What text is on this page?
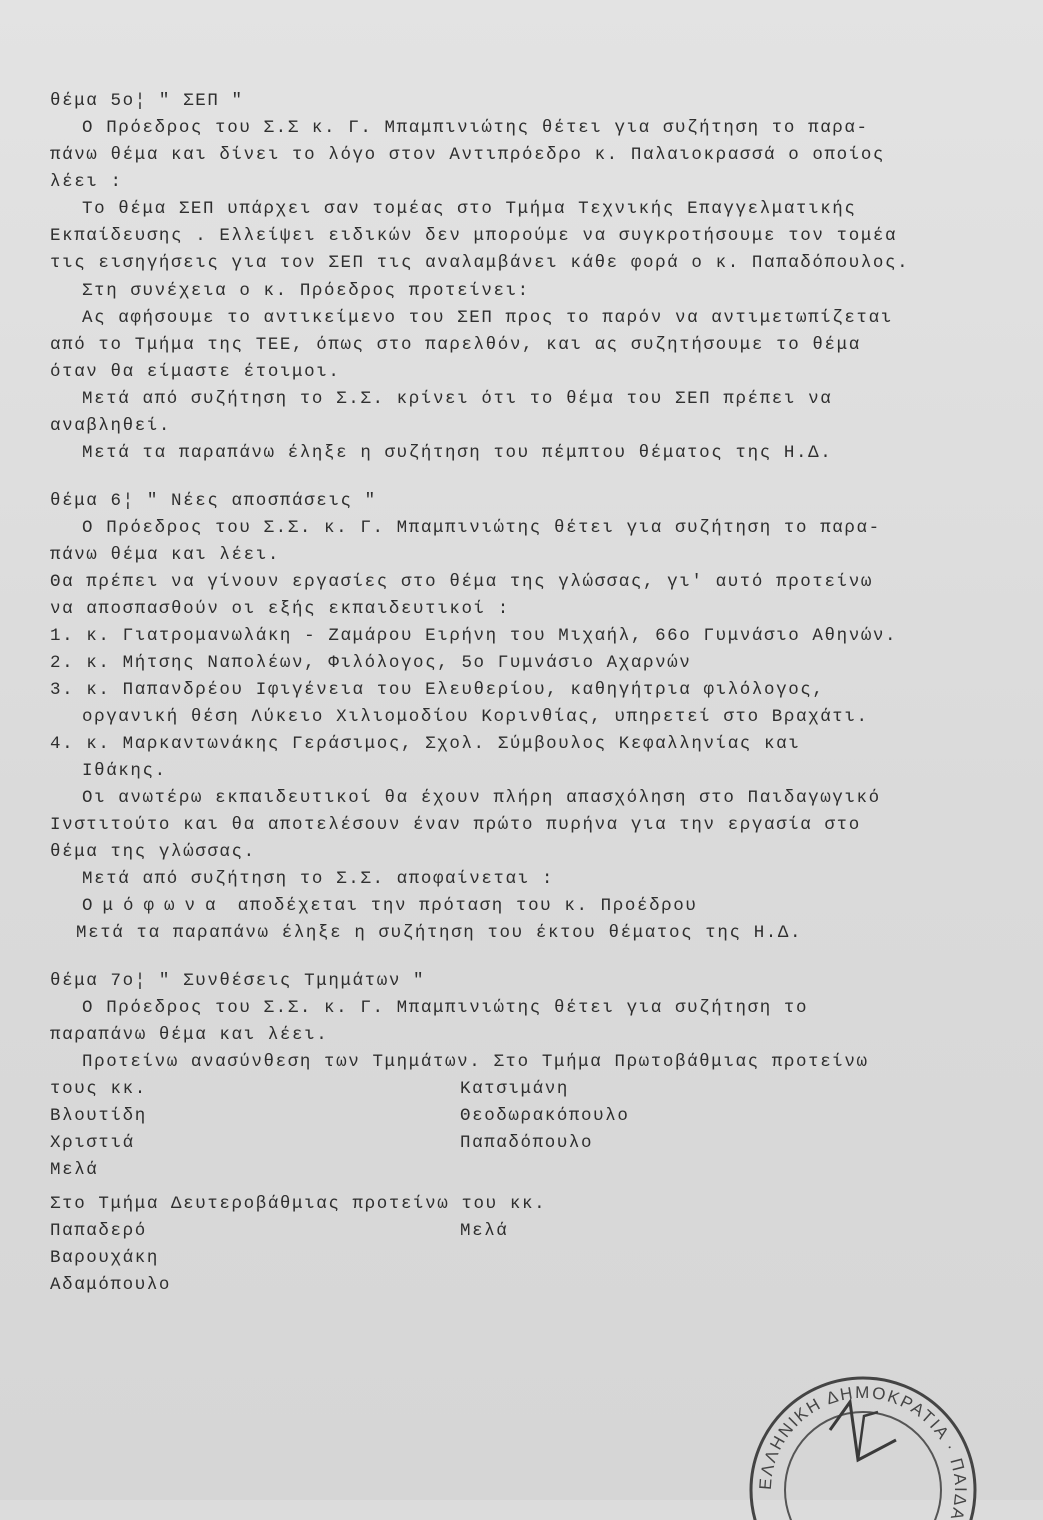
θέμα 5ο¦ " ΣΕΠ "
Ο Πρόεδρος του Σ.Σ κ. Γ. Μπαμπινιώτης θέτει για συζήτηση το παρα-
πάνω θέμα και δίνει το λόγο στον Αντιπρόεδρο κ. Παλαιοκρασσά ο οποίος
λέει :
Το θέμα ΣΕΠ υπάρχει σαν τομέας στο Τμήμα Τεχνικής Επαγγελματικής
Εκπαίδευσης . Ελλείψει ειδικών δεν μπορούμε να συγκροτήσουμε τον τομέα
τις εισηγήσεις για τον ΣΕΠ τις αναλαμβάνει κάθε φορά ο κ. Παπαδόπουλος.
Στη συνέχεια ο κ. Πρόεδρος προτείνει:
Ας αφήσουμε το αντικείμενο του ΣΕΠ προς το παρόν να αντιμετωπίζεται
από το Τμήμα της ΤΕΕ, όπως στο παρελθόν, και ας συζητήσουμε το θέμα
όταν θα είμαστε έτοιμοι.
Μετά από συζήτηση το Σ.Σ. κρίνει ότι το θέμα του ΣΕΠ πρέπει να
αναβληθεί.
Μετά τα παραπάνω έληξε η συζήτηση του πέμπτου θέματος της Η.Δ.
θέμα 6¦ " Νέες αποσπάσεις "
Ο Πρόεδρος του Σ.Σ. κ. Γ. Μπαμπινιώτης θέτει για συζήτηση το παρα-
πάνω θέμα και λέει.
Θα πρέπει να γίνουν εργασίες στο θέμα της γλώσσας, γι' αυτό προτείνω
να αποσπασθούν οι εξής εκπαιδευτικοί :
1. κ. Γιατρομανωλάκη - Ζαμάρου Ειρήνη του Μιχαήλ, 66ο Γυμνάσιο Αθηνών.
2. κ. Μήτσης Ναπολέων, Φιλόλογος, 5ο Γυμνάσιο Αχαρνών
3. κ. Παπανδρέου Ιφιγένεια του Ελευθερίου, καθηγήτρια φιλόλογος,
οργανική θέση Λύκειο Χιλιομοδίου Κορινθίας, υπηρετεί στο Βραχάτι.
4. κ. Μαρκαντωνάκης Γεράσιμος, Σχολ. Σύμβουλος Κεφαλληνίας και
Ιθάκης.
Οι ανωτέρω εκπαιδευτικοί θα έχουν πλήρη απασχόληση στο Παιδαγωγικό
Ινστιτούτο και θα αποτελέσουν έναν πρώτο πυρήνα για την εργασία στο
θέμα της γλώσσας.
Μετά από συζήτηση το Σ.Σ. αποφαίνεται :
Ομόφωνα αποδέχεται την πρόταση του κ. Προέδρου
Μετά τα παραπάνω έληξε η συζήτηση του έκτου θέματος της Η.Δ.
θέμα 7ο¦ " Συνθέσεις Τμημάτων "
Ο Πρόεδρος του Σ.Σ. κ. Γ. Μπαμπινιώτης θέτει για συζήτηση το
παραπάνω θέμα και λέει.
Προτείνω ανασύνθεση των Τμημάτων. Στο Τμήμα Πρωτοβάθμιας προτείνω
τους κκ.
Βλουτίδη
Κατσιμάνη
Χριστιά
Θεοδωρακόπουλο
Μελά
Παπαδόπουλο
Στο Τμήμα Δευτεροβάθμιας προτείνω του κκ.
Παπαδερό	Μελά
Βαρουχάκη
Αδαμόπουλο
ΕΛΛΗΝΙΚΗ ΔΗΜΟΚΡΑΤΙΑ · ΠΑΙΔΑ
